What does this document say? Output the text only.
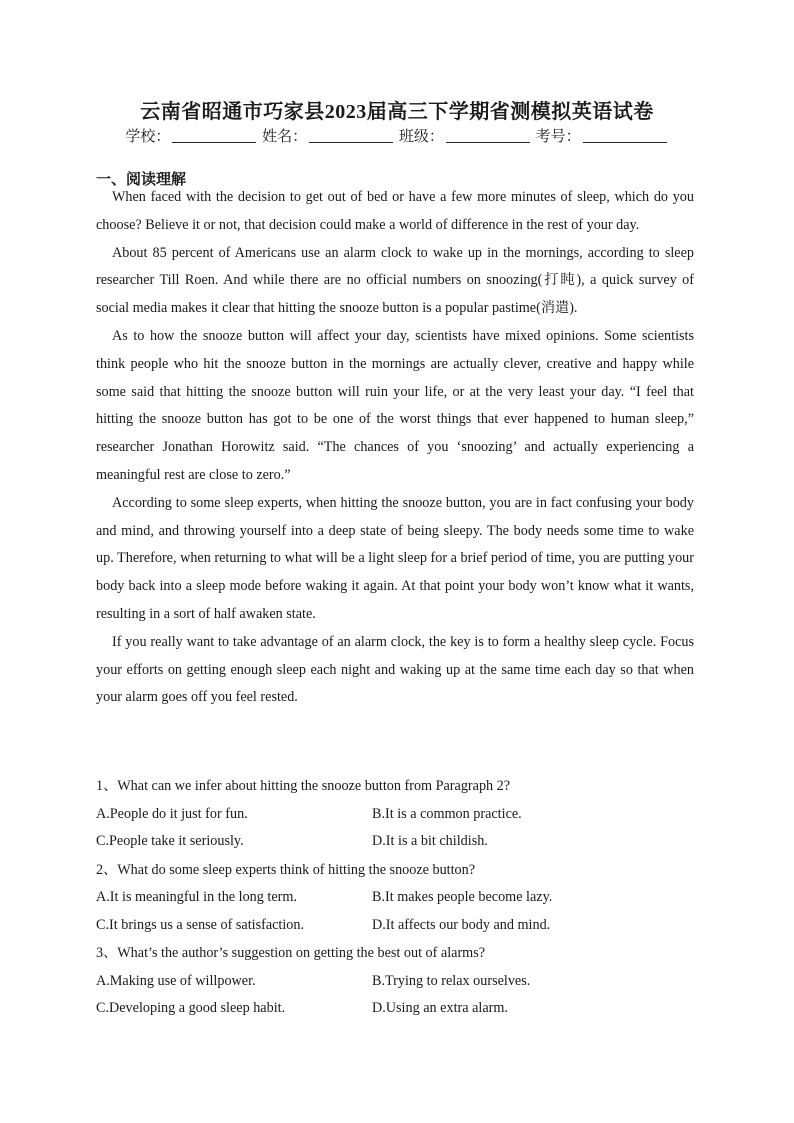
云南省昭通市巧家县2023届高三下学期省测模拟英语试卷
学校：	姓名：	班级：	考号：
一、阅读理解

When faced with the decision to get out of bed or have a few more minutes of sleep, which do you choose? Believe it or not, that decision could make a world of difference in the rest of your day.

About 85 percent of Americans use an alarm clock to wake up in the mornings, according to sleep researcher Till Roen. And while there are no official numbers on snoozing(打盹), a quick survey of social media makes it clear that hitting the snooze button is a popular pastime(消遣).

As to how the snooze button will affect your day, scientists have mixed opinions. Some scientists think people who hit the snooze button in the mornings are actually clever, creative and happy while some said that hitting the snooze button will ruin your life, or at the very least your day. “I feel that hitting the snooze button has got to be one of the worst things that ever happened to human sleep,” researcher Jonathan Horowitz said. “The chances of you ‘snoozing’ and actually experiencing a meaningful rest are close to zero.”

According to some sleep experts, when hitting the snooze button, you are in fact confusing your body and mind, and throwing yourself into a deep state of being sleepy. The body needs some time to wake up. Therefore, when returning to what will be a light sleep for a brief period of time, you are putting your body back into a sleep mode before waking it again. At that point your body won’t know what it wants, resulting in a sort of half awaken state.

If you really want to take advantage of an alarm clock, the key is to form a healthy sleep cycle. Focus your efforts on getting enough sleep each night and waking up at the same time each day so that when your alarm goes off you feel rested.

1、What can we infer about hitting the snooze button from Paragraph 2?
A.People do it just for fun.	B.It is a common practice.
C.People take it seriously.	D.It is a bit childish.
2、What do some sleep experts think of hitting the snooze button?
A.It is meaningful in the long term.	B.It makes people become lazy.
C.It brings us a sense of satisfaction.	D.It affects our body and mind.
3、What’s the author’s suggestion on getting the best out of alarms?
A.Making use of willpower.	B.Trying to relax ourselves.
C.Developing a good sleep habit.	D.Using an extra alarm.
